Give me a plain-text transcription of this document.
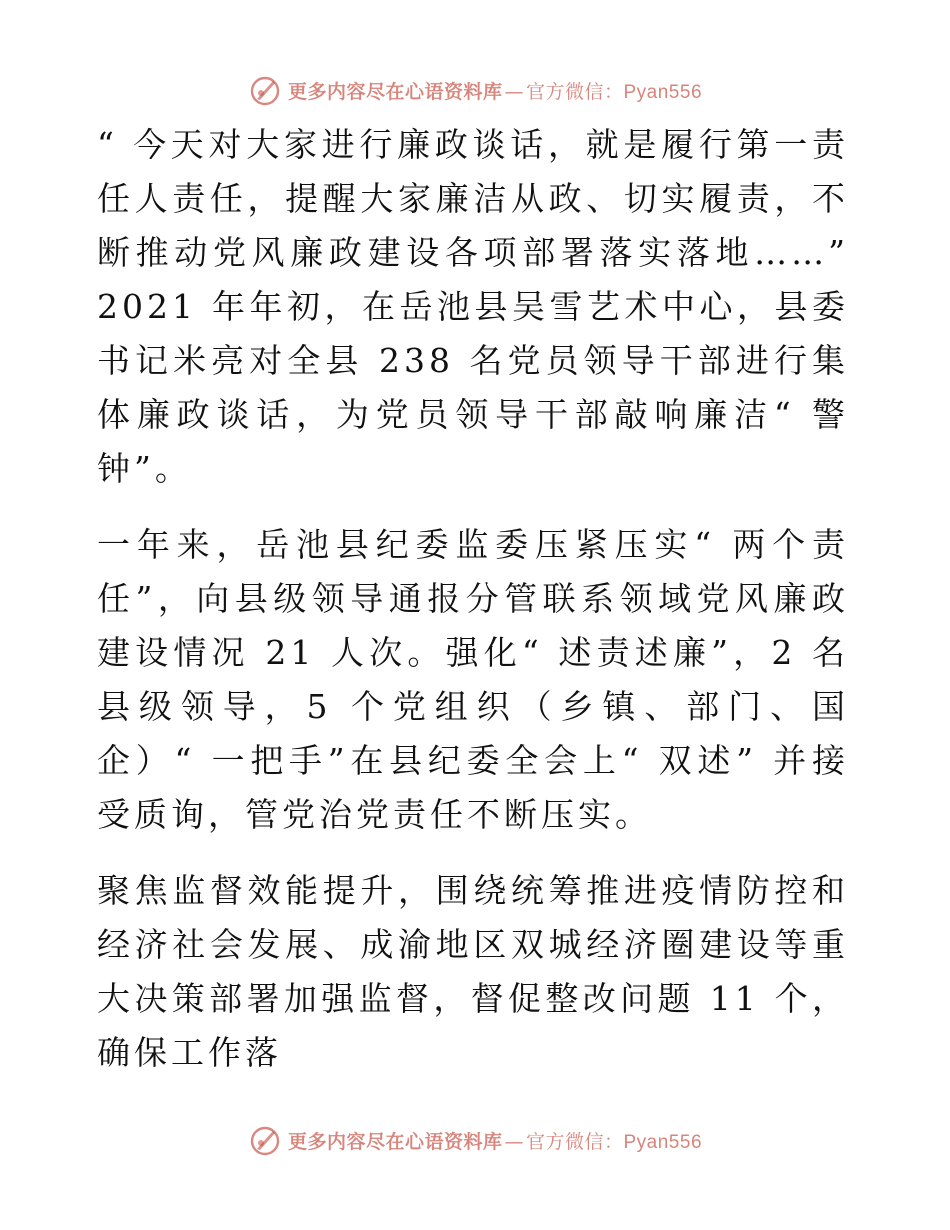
更多内容尽在心语资料库 — 官方微信：Pyan556

“ 今天对大家进行廉政谈话，就是履行第一责任人责任，提醒大家廉洁从政、切实履责，不断推动党风廉政建设各项部署落实落地……” 2021 年年初，在岳池县吴雪艺术中心，县委书记米亮对全县 238 名党员领导干部进行集体廉政谈话，为党员领导干部敲响廉洁“ 警钟”。

一年来，岳池县纪委监委压紧压实“ 两个责任”，向县级领导通报分管联系领域党风廉政建设情况 21 人次。强化“ 述责述廉”，2 名县级领导，5 个党组织（乡镇、部门、国企）“ 一把手”在县纪委全会上“ 双述” 并接受质询，管党治党责任不断压实。

聚焦监督效能提升，围绕统筹推进疫情防控和经济社会发展、成渝地区双城经济圈建设等重大决策部署加强监督，督促整改问题 11 个，确保工作落

更多内容尽在心语资料库 — 官方微信：Pyan556
